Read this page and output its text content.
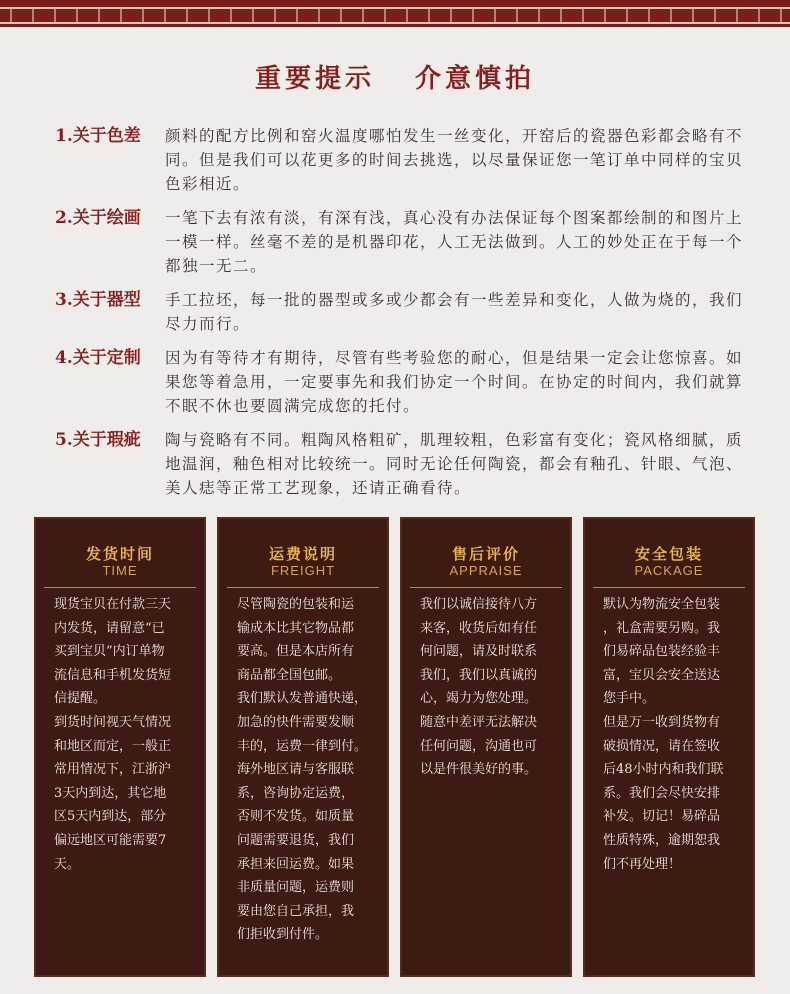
重要提示 介意慎拍
1.关于色差	颜料的配方比例和窑火温度哪怕发生一丝变化，开窑后的瓷器色彩都会略有不同。但是我们可以花更多的时间去挑选，以尽量保证您一笔订单中同样的宝贝色彩相近。
2.关于绘画	一笔下去有浓有淡，有深有浅，真心没有办法保证每个图案都绘制的和图片上一模一样。丝毫不差的是机器印花，人工无法做到。人工的妙处正在于每一个都独一无二。
3.关于器型	手工拉坯，每一批的器型或多或少都会有一些差异和变化，人做为烧的，我们尽力而行。
4.关于定制	因为有等待才有期待，尽管有些考验您的耐心，但是结果一定会让您惊喜。如果您等着急用，一定要事先和我们协定一个时间。在协定的时间内，我们就算不眠不休也要圆满完成您的托付。
5.关于瑕疵	陶与瓷略有不同。粗陶风格粗矿，肌理较粗，色彩富有变化；瓷风格细腻，质地温润，釉色相对比较统一。同时无论任何陶瓷，都会有釉孔、针眼、气泡、美人痣等正常工艺现象，还请正确看待。
发货时间
TIME
现货宝贝在付款三天
内发货，请留意“已
买到宝贝”内订单物
流信息和手机发货短
信提醒。
到货时间视天气情况
和地区而定，一般正
常用情况下，江浙沪
3天内到达，其它地
区5天内到达，部分
偏远地区可能需要7
天。
运费说明
FREIGHT
尽管陶瓷的包装和运
输成本比其它物品都
要高。但是本店所有
商品都全国包邮。
我们默认发普通快递，
加急的快件需要发顺
丰的，运费一律到付。
海外地区请与客服联
系，咨询协定运费，
否则不发货。如质量
问题需要退货，我们
承担来回运费。如果
非质量问题，运费则
要由您自己承担，我
们拒收到付件。
售后评价
APPRAISE
我们以诚信接待八方
来客，收货后如有任
何问题，请及时联系
我们，我们以真诚的
心，竭力为您处理。
随意中差评无法解决
任何问题，沟通也可
以是件很美好的事。
安全包装
PACKAGE
默认为物流安全包装
，礼盒需要另购。我
们易碎品包装经验丰
富，宝贝会安全送达
您手中。
但是万一收到货物有
破损情况，请在签收
后48小时内和我们联
系。我们会尽快安排
补发。切记！易碎品
性质特殊，逾期恕我
们不再处理！
